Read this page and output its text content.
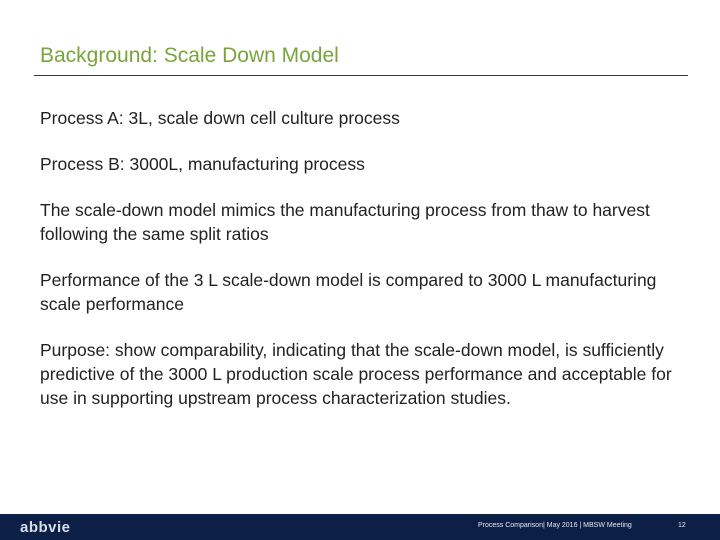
Background: Scale Down Model

Process A: 3L, scale down cell culture process

Process B: 3000L, manufacturing process

The scale-down model mimics the manufacturing process from thaw to harvest following the same split ratios

Performance of the 3 L scale-down model is compared to 3000 L manufacturing scale performance

Purpose: show comparability, indicating that the scale-down model, is sufficiently predictive of the 3000 L production scale process performance and acceptable for use in supporting upstream process characterization studies.

abbvie	Process Comparison| May 2016 | MBSW Meeting	12
